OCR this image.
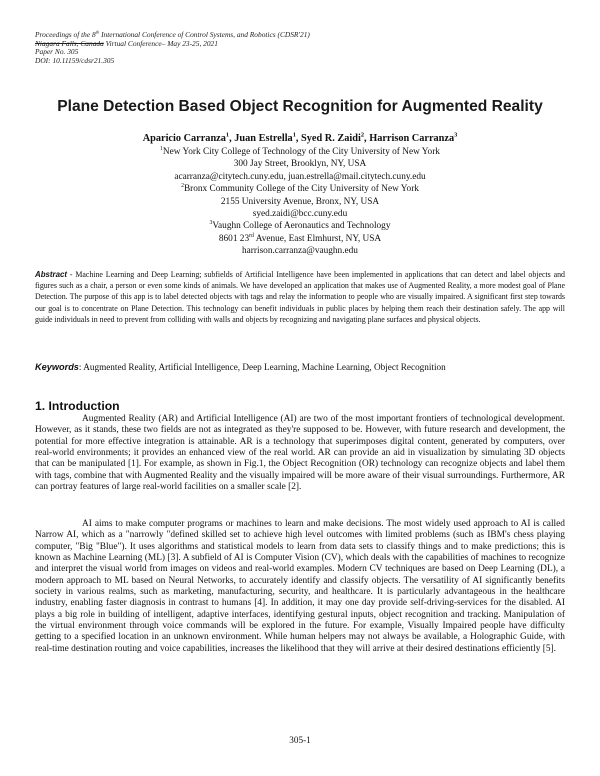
Proceedings of the 8th International Conference of Control Systems, and Robotics (CDSR'21)
Niagara Falls, Canada Virtual Conference– May 23-25, 2021
Paper No. 305
DOI: 10.11159/cdsr21.305
Plane Detection Based Object Recognition for Augmented Reality
Aparicio Carranza$^1$, Juan Estrella$^1$, Syed R. Zaidi$^2$, Harrison Carranza$^3$
$^1$New York City College of Technology of the City University of New York
300 Jay Street, Brooklyn, NY, USA
acarranza@citytech.cuny.edu, juan.estrella@mail.citytech.cuny.edu
$^2$Bronx Community College of the City University of New York
2155 University Avenue, Bronx, NY, USA
syed.zaidi@bcc.cuny.edu
$^3$Vaughn College of Aeronautics and Technology
8601 23rd Avenue, East Elmhurst, NY, USA
harrison.carranza@vaughn.edu
Abstract - Machine Learning and Deep Learning; subfields of Artificial Intelligence have been implemented in applications that can detect and label objects and figures such as a chair, a person or even some kinds of animals. We have developed an application that makes use of Augmented Reality, a more modest goal of Plane Detection. The purpose of this app is to label detected objects with tags and relay the information to people who are visually impaired. A significant first step towards our goal is to concentrate on Plane Detection. This technology can benefit individuals in public places by helping them reach their destination safely. The app will guide individuals in need to prevent from colliding with walls and objects by recognizing and navigating plane surfaces and physical objects.
Keywords: Augmented Reality, Artificial Intelligence, Deep Learning, Machine Learning, Object Recognition
1. Introduction

Augmented Reality (AR) and Artificial Intelligence (AI) are two of the most important frontiers of technological development. However, as it stands, these two fields are not as integrated as they're supposed to be. However, with future research and development, the potential for more effective integration is attainable. AR is a technology that superimposes digital content, generated by computers, over real-world environments; it provides an enhanced view of the real world. AR can provide an aid in visualization by simulating 3D objects that can be manipulated [1]. For example, as shown in Fig.1, the Object Recognition (OR) technology can recognize objects and label them with tags, combine that with Augmented Reality and the visually impaired will be more aware of their visual surroundings. Furthermore, AR can portray features of large real-world facilities on a smaller scale [2].

AI aims to make computer programs or machines to learn and make decisions. The most widely used approach to AI is called Narrow AI, which as a "narrowly "defined skilled set to achieve high level outcomes with limited problems (such as IBM's chess playing computer, "Big "Blue"). It uses algorithms and statistical models to learn from data sets to classify things and to make predictions; this is known as Machine Learning (ML) [3]. A subfield of AI is Computer Vision (CV), which deals with the capabilities of machines to recognize and interpret the visual world from images on videos and real-world examples. Modern CV techniques are based on Deep Learning (DL), a modern approach to ML based on Neural Networks, to accurately identify and classify objects. The versatility of AI significantly benefits society in various realms, such as marketing, manufacturing, security, and healthcare. It is particularly advantageous in the healthcare industry, enabling faster diagnosis in contrast to humans [4]. In addition, it may one day provide self-driving-services for the disabled. AI plays a big role in building of intelligent, adaptive interfaces, identifying gestural inputs, object recognition and tracking. Manipulation of the virtual environment through voice commands will be explored in the future. For example, Visually Impaired people have difficulty getting to a specified location in an unknown environment. While human helpers may not always be available, a Holographic Guide, with real-time destination routing and voice capabilities, increases the likelihood that they will arrive at their desired destinations efficiently [5].

305-1
